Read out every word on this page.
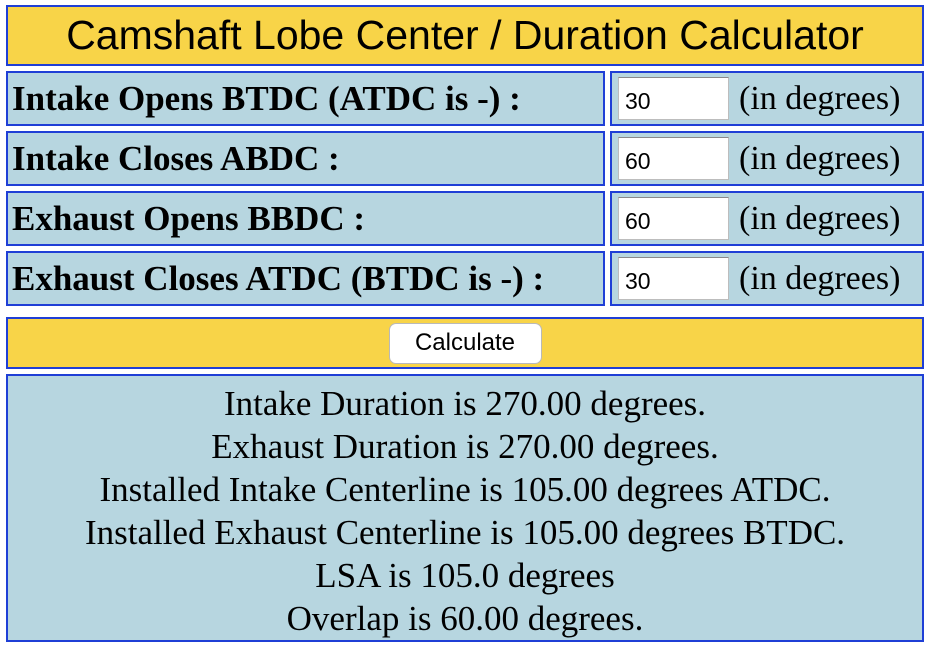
Camshaft Lobe Center / Duration Calculator
Intake Opens BTDC (ATDC is -) :
30	(in degrees)
Intake Closes ABDC :
60	(in degrees)
Exhaust Opens BBDC :
60	(in degrees)
Exhaust Closes ATDC (BTDC is -) :
30	(in degrees)
Calculate
Intake Duration is 270.00 degrees.
Exhaust Duration is 270.00 degrees.
Installed Intake Centerline is 105.00 degrees ATDC.
Installed Exhaust Centerline is 105.00 degrees BTDC.
LSA is 105.0 degrees
Overlap is 60.00 degrees.
